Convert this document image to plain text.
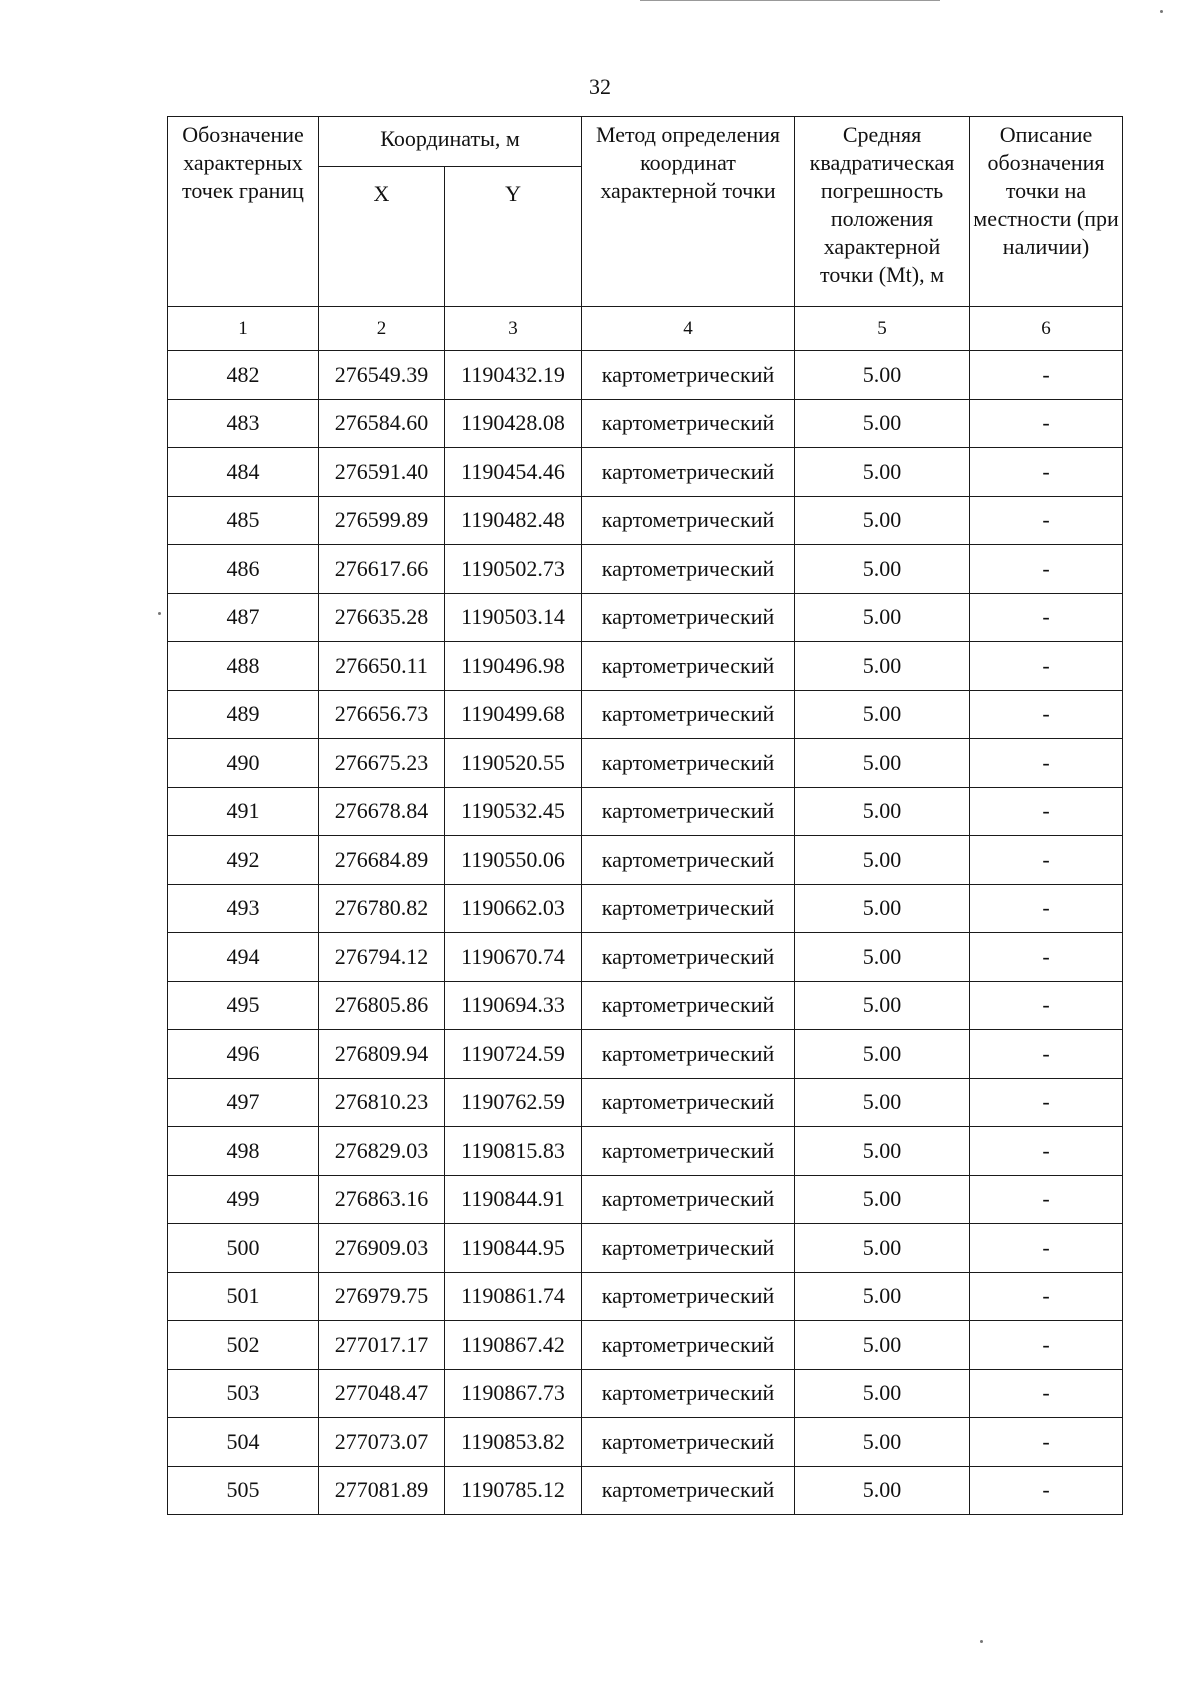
32
Обозначение характерных точек границ	Координаты, м		Метод определения координат характерной точки	Средняя квадратическая погрешность положения характерной точки (Mt), м	Описание обозначения точки на местности (при наличии)
	X	Y			
1	2	3	4	5	6
482	276549.39	1190432.19	картометрический	5.00	-
483	276584.60	1190428.08	картометрический	5.00	-
484	276591.40	1190454.46	картометрический	5.00	-
485	276599.89	1190482.48	картометрический	5.00	-
486	276617.66	1190502.73	картометрический	5.00	-
487	276635.28	1190503.14	картометрический	5.00	-
488	276650.11	1190496.98	картометрический	5.00	-
489	276656.73	1190499.68	картометрический	5.00	-
490	276675.23	1190520.55	картометрический	5.00	-
491	276678.84	1190532.45	картометрический	5.00	-
492	276684.89	1190550.06	картометрический	5.00	-
493	276780.82	1190662.03	картометрический	5.00	-
494	276794.12	1190670.74	картометрический	5.00	-
495	276805.86	1190694.33	картометрический	5.00	-
496	276809.94	1190724.59	картометрический	5.00	-
497	276810.23	1190762.59	картометрический	5.00	-
498	276829.03	1190815.83	картометрический	5.00	-
499	276863.16	1190844.91	картометрический	5.00	-
500	276909.03	1190844.95	картометрический	5.00	-
501	276979.75	1190861.74	картометрический	5.00	-
502	277017.17	1190867.42	картометрический	5.00	-
503	277048.47	1190867.73	картометрический	5.00	-
504	277073.07	1190853.82	картометрический	5.00	-
505	277081.89	1190785.12	картометрический	5.00	-
